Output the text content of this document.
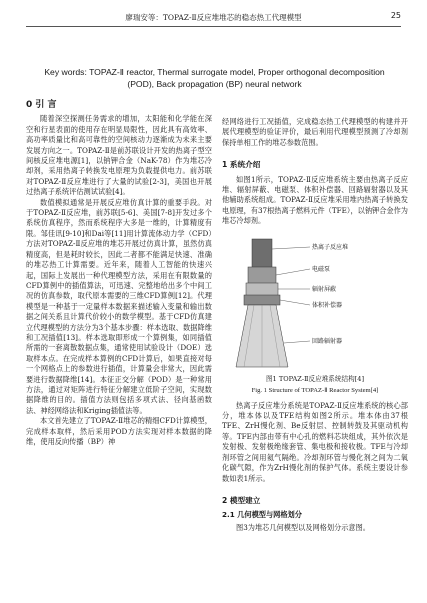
廖瑞安等：TOPAZ-Ⅱ反应堆堆芯的稳态热工代理模型	25
Key words: TOPAZ-Ⅱ reactor, Thermal surrogate model, Proper orthogonal decomposition (POD), Back propagation (BP) neural network
0 引 言

随着深空探测任务需求的增加，太阳能和化学能在深空和行星表面的使用存在明显局限性，因此具有高效率、高功率质量比和高可靠性的空间核动力逐渐成为未来主要发展方向之一。TOPAZ-Ⅱ是前苏联设计开发的热离子型空间核反应堆电源[1]，以钠钾合金（NaK-78）作为堆芯冷却剂，采用热离子转换发电原理为负载提供电力。前苏联对TOPAZ-Ⅱ反应堆进行了大量的试验[2-3]，美国也开展过热离子系统评估测试试验[4]。

数值模拟通常是开展反应堆仿真计算的重要手段。对于TOPAZ-Ⅱ反应堆，前苏联[5-6]、美国[7-8]开发过多个系统仿真程序，然而系统程序大多是一维的，计算精度有限。邹佳讯[9-10]和Dai等[11]用计算流体动力学（CFD）方法对TOPAZ-Ⅱ反应堆的堆芯开展过仿真计算，虽然仿真精度高，但是耗时较长，因此二者都不能满足快速、准确的堆芯热工计算需要。近年来，随着人工智能的快速兴起，国际上发展出一种代理模型方法，采用在有限数量的CFD算例中的插值算法，可迅速、完整地给出多个中间工况的仿真参数，取代原本需要的三维CFD算例[12]。代理模型是一种基于一定量样本数据来描述输入变量和输出数据之间关系且计算代价较小的数学模型。基于CFD仿真建立代理模型的方法分为3个基本步骤：样本选取、数据降维和工况插值[13]。样本选取即形成一个算例集，如同插值所需的一套离散数据点集，通常使用试验设计（DOE）选取样本点。在完成样本算例的CFD计算后，如果直接对每一个网格点上的参数进行插值，计算量会非常大，因此需要进行数据降维[14]。本征正交分解（POD）是一种常用方法，通过对矩阵进行特征分解建立低阶子空间，实现数据降维的目的。插值方法则包括多项式法、径向基函数法、神经网络法和Kriging插值法等。

本文首先建立了TOPAZ-Ⅱ堆芯的精细CFD计算模型，完成样本取样，然后采用POD方法实现对样本数据的降维，使用反向传播（BP）神

经网络进行工况插值，完成稳态热工代理模型的构建并开展代理模型的验证评价，最后利用代理模型预测了冷却剂保持单相工作的堆芯参数范围。

1 系统介绍

如图1所示，TOPAZ-Ⅱ反应堆系统主要由热离子反应堆、辐射屏蔽、电磁泵、体积补偿器、回路辐射器以及其他辅助系统组成。TOPAZ-Ⅱ反应堆采用堆内热离子转换发电原理，有37根热离子燃料元件（TFE），以钠钾合金作为堆芯冷却剂。

热离子反应堆
电磁泵
辐射屏蔽
体积补偿器
回路辐射器
图1 TOPAZ-Ⅱ反应堆系统结构[4]
Fig. 1 Structure of TOPAZ-Ⅱ Reactor System[4]

热离子反应堆分系统是TOPAZ-Ⅱ反应堆系统的核心部分，堆本体以及TFE结构如图2所示。堆本体由37根TFE、ZrH慢化剂、Be反射层、控制转鼓及其驱动机构等。TFE内部由带有中心孔的燃料芯块组成，其外依次是发射极、发射极绝缘套管、集电极和接收极。TFE与冷却剂环管之间用氦气隔绝。冷却剂环管与慢化剂之间为二氧化碳气隙，作为ZrH慢化剂的保护气体。系统主要设计参数如表1所示。

2 模型建立
2.1 几何模型与网格划分

图3为堆芯几何模型以及网格划分示意图。
